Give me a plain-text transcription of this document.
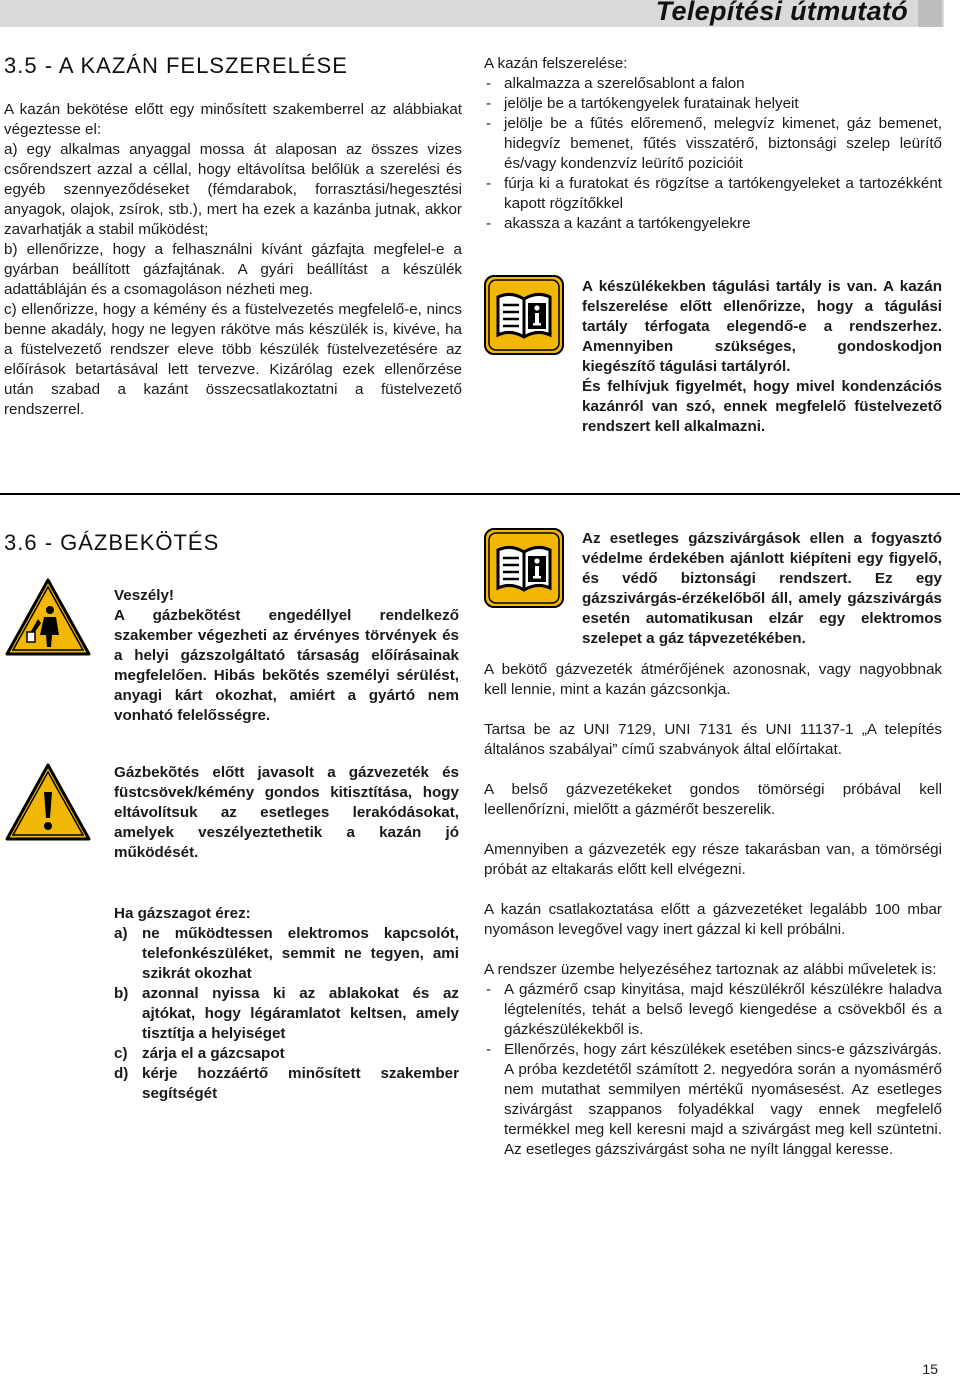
Telepítési útmutató
3.5 - A KAZÁN FELSZERELÉSE

A kazán bekötése előtt egy minősített szakemberrel az alábbiakat végeztesse el:

a) egy alkalmas anyaggal mossa át alaposan az összes vizes csőrendszert azzal a céllal, hogy eltávolítsa belőlük a szerelési és egyéb szennyeződéseket (fémdarabok, forrasztási/hegesztési anyagok, olajok, zsírok, stb.), mert ha ezek a kazánba jutnak, akkor zavarhatják a stabil működést;

b) ellenőrizze, hogy a felhasználni kívánt gázfajta megfelel-e a gyárban beállított gázfajtának. A gyári beállítást a készülék adattábláján és a csomagoláson nézheti meg.

c) ellenőrizze, hogy a kémény és a füstelvezetés megfelelő-e, nincs benne akadály, hogy ne legyen rákötve más készülék is, kivéve, ha a füstelvezető rendszer eleve több készülék füstelvezetésére az előírások betartásával lett tervezve. Kizárólag ezek ellenőrzése után szabad a kazánt összecsatlakoztatni a füstelvezető rendszerrel.

A kazán felszerelése:

- alkalmazza a szerelősablont a falon
- jelölje be a tartókengyelek furatainak helyeit
- jelölje be a fűtés előremenő, melegvíz kimenet, gáz bemenet, hidegvíz bemenet, fűtés visszatérő, biztonsági szelep leürítő és/vagy kondenzvíz leürítő pozicióit
- fúrja ki a furatokat és rögzítse a tartókengyeleket a tartozékként kapott rögzítőkkel
- akassza a kazánt a tartókengyelekre

A készülékekben tágulási tartály is van. A kazán felszerelése előtt ellenőrizze, hogy a tágulási tartály térfogata elegendő-e a rendszerhez. Amennyiben szükséges, gondoskodjon kiegészítő tágulási tartályról.

És felhívjuk figyelmét, hogy mivel kondenzációs kazánról van szó, ennek megfelelő füstelvezető rendszert kell alkalmazni.

3.6 - GÁZBEKÖTÉS

Veszély!

A gázbekõtést engedéllyel rendelkező szakember végezheti az érvényes törvények és a helyi gázszolgáltató társaság előírásainak megfelelően. Hibás bekõtés személyi sérülést, anyagi kárt okozhat, amiért a gyártó nem vonható felelősségre.

Gázbekõtés előtt javasolt a gázvezeték és füstcsövek/kémény gondos kitisztítása, hogy eltávolítsuk az esetleges lerakódásokat, amelyek veszélyeztethetik a kazán jó működését.

Ha gázszagot érez:

a) ne működtessen elektromos kapcsolót, telefonkészüléket, semmit ne tegyen, ami szikrát okozhat
b) azonnal nyissa ki az ablakokat és az ajtókat, hogy légáramlatot keltsen, amely tisztítja a helyiséget
c) zárja el a gázcsapot
d) kérje hozzáértő minősített szakember segítségét

Az esetleges gázszivárgások ellen a fogyasztó védelme érdekében ajánlott kiépíteni egy figyelő, és védő biztonsági rendszert. Ez egy gázszivárgás-érzékelőből áll, amely gázszivárgás esetén automatikusan elzár egy elektromos szelepet a gáz tápvezetékében.

A bekötő gázvezeték átmérőjének azonosnak, vagy nagyobbnak kell lennie, mint a kazán gázcsonkja.

Tartsa be az UNI 7129, UNI 7131 és UNI 11137-1 „A telepítés általános szabályai” című szabványok által előírtakat.

A belső gázvezetékeket gondos tömörségi próbával kell leellenőrízni, mielőtt a gázmérőt beszerelik.

Amennyiben a gázvezeték egy része takarásban van, a tömörségi próbát az eltakarás előtt kell elvégezni.

A kazán csatlakoztatása előtt a gázvezetéket legalább 100 mbar nyomáson levegővel vagy inert gázzal ki kell próbálni.

A rendszer üzembe helyezéséhez tartoznak az alábbi műveletek is:

- A gázmérő csap kinyitása, majd készülékről készülékre haladva légtelenítés, tehát a belső levegő kiengedése a csövekből és a gázkészülékekből is.
- Ellenőrzés, hogy zárt készülékek esetében sincs-e gázszivárgás. A próba kezdetétől számított 2. negyedóra során a nyomásmérő nem mutathat semmilyen mértékű nyomásesést. Az esetleges szivárgást szappanos folyadékkal vagy ennek megfelelő termékkel meg kell keresni majd a szivárgást meg kell szüntetni. Az esetleges gázszivárgást soha ne nyílt lánggal keresse.
15
